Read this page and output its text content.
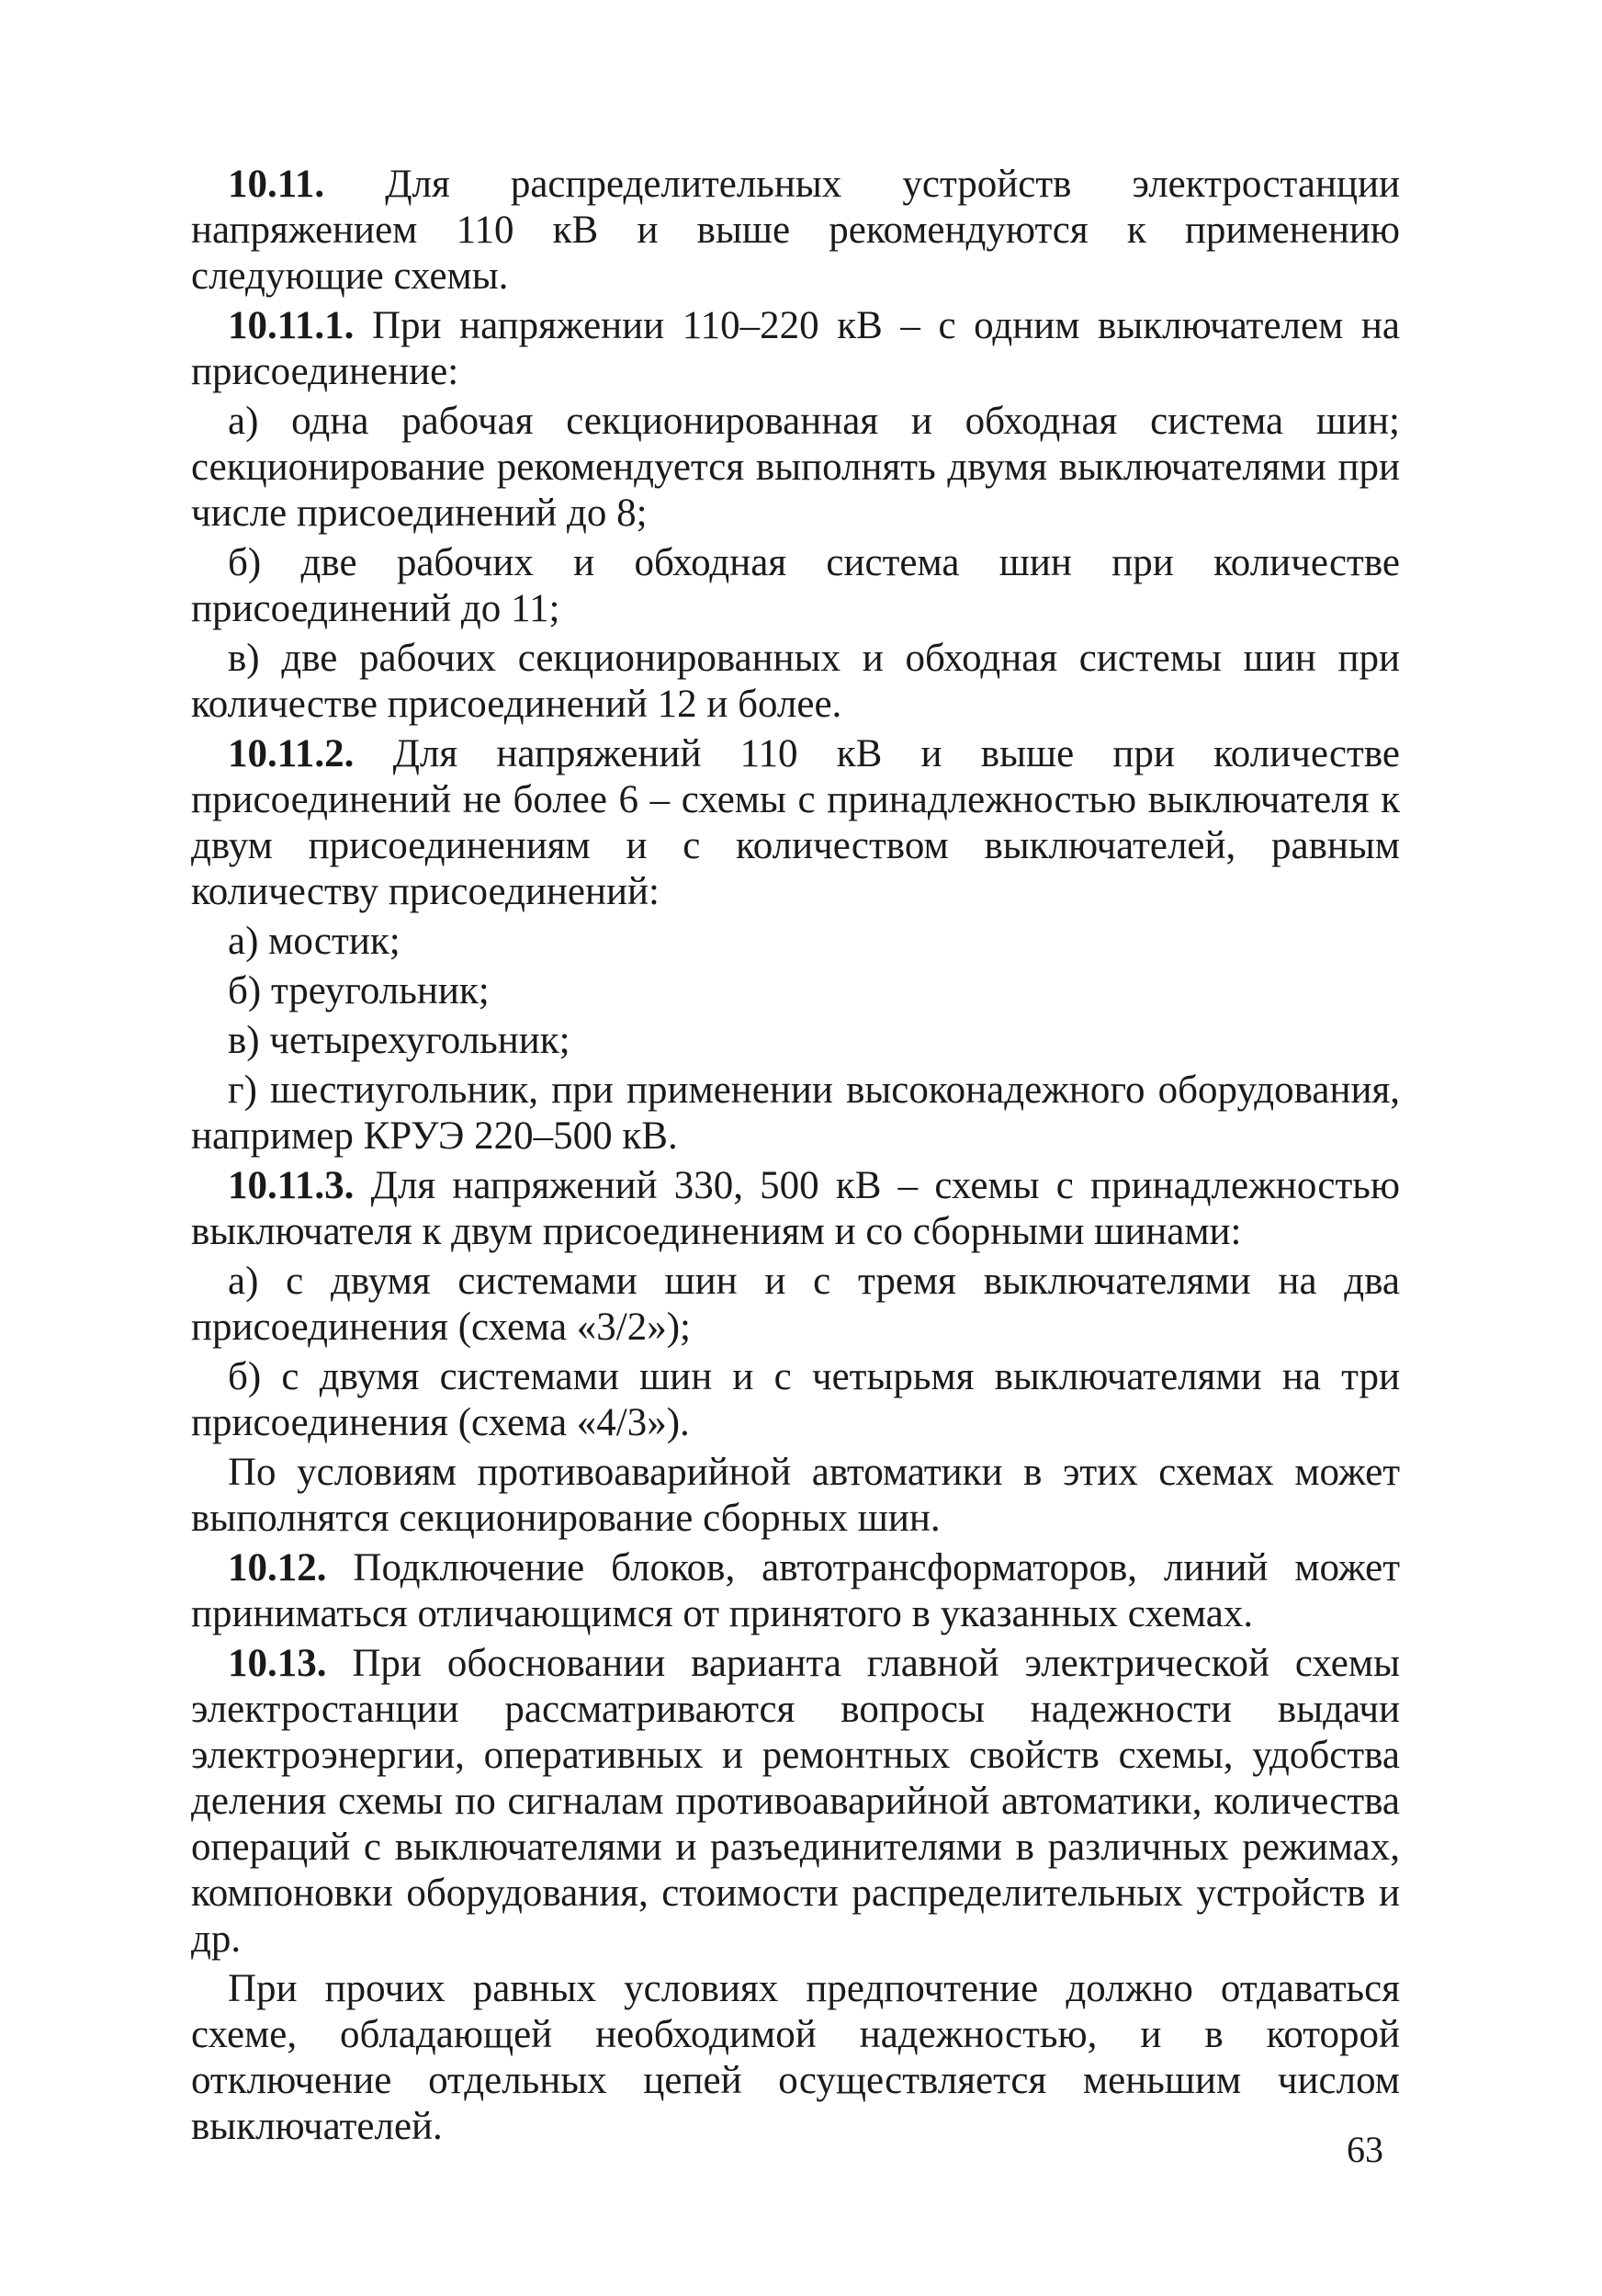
10.11. Для распределительных устройств электростанции напряжением 110 кВ и выше рекомендуются к применению следующие схемы.

10.11.1. При напряжении 110–220 кВ – с одним выключателем на присоединение:

а) одна рабочая секционированная и обходная система шин; секционирование рекомендуется выполнять двумя выключателями при числе присоединений до 8;

б) две рабочих и обходная система шин при количестве присоединений до 11;

в) две рабочих секционированных и обходная системы шин при количестве присоединений 12 и более.

10.11.2. Для напряжений 110 кВ и выше при количестве присоединений не более 6 – схемы с принадлежностью выключателя к двум присоединениям и с количеством выключателей, равным количеству присоединений:

а) мостик;

б) треугольник;

в) четырехугольник;

г) шестиугольник, при применении высоконадежного оборудования, например КРУЭ 220–500 кВ.

10.11.3. Для напряжений 330, 500 кВ – схемы с принадлежностью выключателя к двум присоединениям и со сборными шинами:

а) с двумя системами шин и с тремя выключателями на два присоединения (схема «3/2»);

б) с двумя системами шин и с четырьмя выключателями на три присоединения (схема «4/3»).

По условиям противоаварийной автоматики в этих схемах может выполнятся секционирование сборных шин.

10.12. Подключение блоков, автотрансформаторов, линий может приниматься отличающимся от принятого в указанных схемах.

10.13. При обосновании варианта главной электрической схемы электростанции рассматриваются вопросы надежности выдачи электроэнергии, оперативных и ремонтных свойств схемы, удобства деления схемы по сигналам противоаварийной автоматики, количества операций с выключателями и разъединителями в различных режимах, компоновки оборудования, стоимости распределительных устройств и др.

При прочих равных условиях предпочтение должно отдаваться схеме, обладающей необходимой надежностью, и в которой отключение отдельных цепей осуществляется меньшим числом выключателей.

63
